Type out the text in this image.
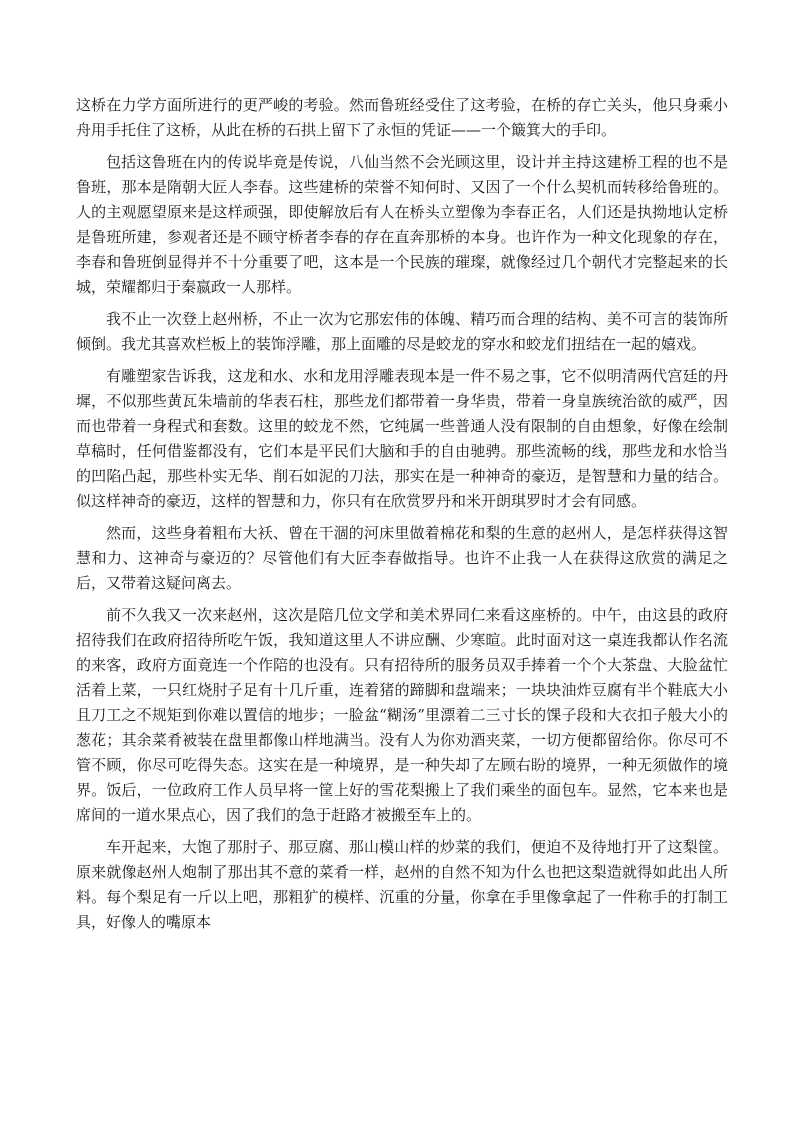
这桥在力学方面所进行的更严峻的考验。然而鲁班经受住了这考验，在桥的存亡关头，他只身乘小舟用手托住了这桥，从此在桥的石拱上留下了永恒的凭证——一个簸箕大的手印。

包括这鲁班在内的传说毕竟是传说，八仙当然不会光顾这里，设计并主持这建桥工程的也不是鲁班，那本是隋朝大匠人李春。这些建桥的荣誉不知何时、又因了一个什么契机而转移给鲁班的。人的主观愿望原来是这样顽强，即使解放后有人在桥头立塑像为李春正名，人们还是执拗地认定桥是鲁班所建，参观者还是不顾守桥者李春的存在直奔那桥的本身。也许作为一种文化现象的存在，李春和鲁班倒显得并不十分重要了吧，这本是一个民族的璀璨，就像经过几个朝代才完整起来的长城，荣耀都归于秦嬴政一人那样。

我不止一次登上赵州桥，不止一次为它那宏伟的体魄、精巧而合理的结构、美不可言的装饰所倾倒。我尤其喜欢栏板上的装饰浮雕，那上面雕的尽是蛟龙的穿水和蛟龙们扭结在一起的嬉戏。

有雕塑家告诉我，这龙和水、水和龙用浮雕表现本是一件不易之事，它不似明清两代宫廷的丹墀，不似那些黄瓦朱墙前的华表石柱，那些龙们都带着一身华贵，带着一身皇族统治欲的威严，因而也带着一身程式和套数。这里的蛟龙不然，它纯属一些普通人没有限制的自由想象，好像在绘制草稿时，任何借鉴都没有，它们本是平民们大脑和手的自由驰骋。那些流畅的线，那些龙和水恰当的凹陷凸起，那些朴实无华、削石如泥的刀法，那实在是一种神奇的豪迈，是智慧和力量的结合。似这样神奇的豪迈，这样的智慧和力，你只有在欣赏罗丹和米开朗琪罗时才会有同感。

然而，这些身着粗布大袄、曾在干涸的河床里做着棉花和梨的生意的赵州人，是怎样获得这智慧和力、这神奇与豪迈的？尽管他们有大匠李春做指导。也许不止我一人在获得这欣赏的满足之后，又带着这疑问离去。

前不久我又一次来赵州，这次是陪几位文学和美术界同仁来看这座桥的。中午，由这县的政府招待我们在政府招待所吃午饭，我知道这里人不讲应酬、少寒暄。此时面对这一桌连我都认作名流的来客，政府方面竟连一个作陪的也没有。只有招待所的服务员双手捧着一个个大茶盘、大脸盆忙活着上菜，一只红烧肘子足有十几斤重，连着猪的蹄脚和盘端来；一块块油炸豆腐有半个鞋底大小且刀工之不规矩到你难以置信的地步；一脸盆“糊汤”里漂着二三寸长的馃子段和大衣扣子般大小的葱花；其余菜肴被装在盘里都像山样地满当。没有人为你劝酒夹菜，一切方便都留给你。你尽可不管不顾，你尽可吃得失态。这实在是一种境界，是一种失却了左顾右盼的境界，一种无须做作的境界。饭后，一位政府工作人员早将一筐上好的雪花梨搬上了我们乘坐的面包车。显然，它本来也是席间的一道水果点心，因了我们的急于赶路才被搬至车上的。

车开起来，大饱了那肘子、那豆腐、那山模山样的炒菜的我们，便迫不及待地打开了这梨筐。原来就像赵州人炮制了那出其不意的菜肴一样，赵州的自然不知为什么也把这梨造就得如此出人所料。每个梨足有一斤以上吧，那粗犷的模样、沉重的分量，你拿在手里像拿起了一件称手的打制工具，好像人的嘴原本
